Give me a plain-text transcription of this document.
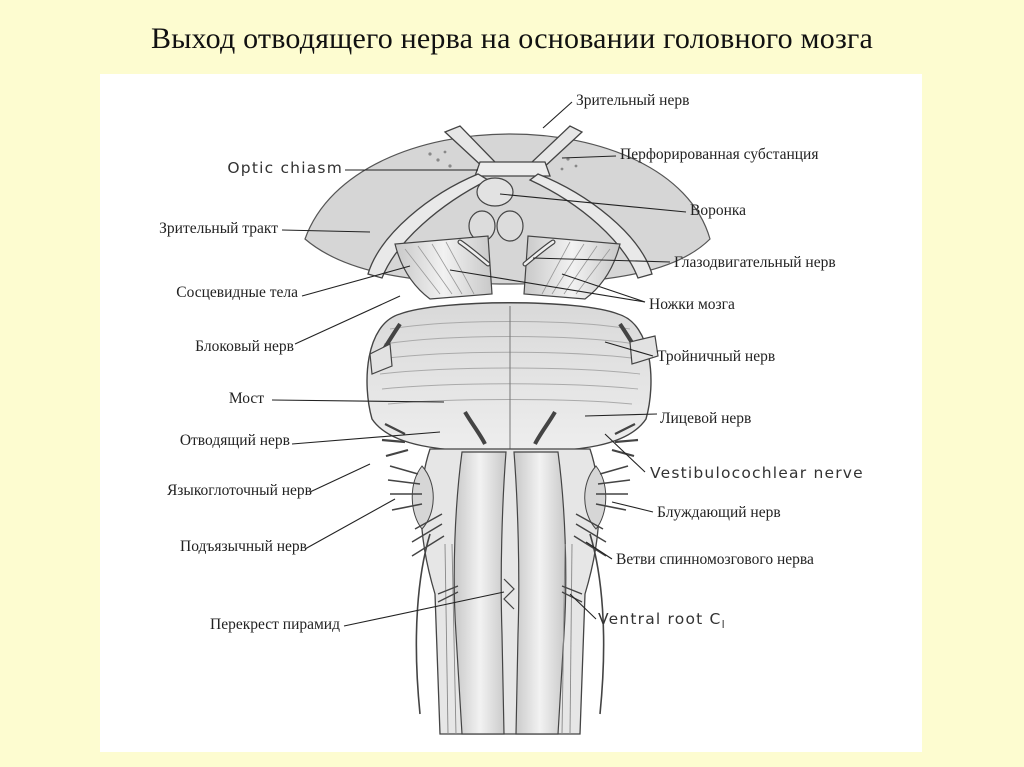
Выход отводящего нерва на основании головного мозга
Зрительный нерв
Optic chiasm
Перфорированная субстанция
Воронка
Зрительный тракт
Глазодвигательный нерв
Сосцевидные тела
Ножки мозга
Блоковый нерв
Тройничный нерв
Мост
Лицевой нерв
Отводящий нерв
Vestibulocochlear nerve
Языкоглоточный нерв
Блуждающий нерв
Подъязычный нерв
Ветви спинномозгового нерва
Перекрест пирамид	Ventral root $C_l$
